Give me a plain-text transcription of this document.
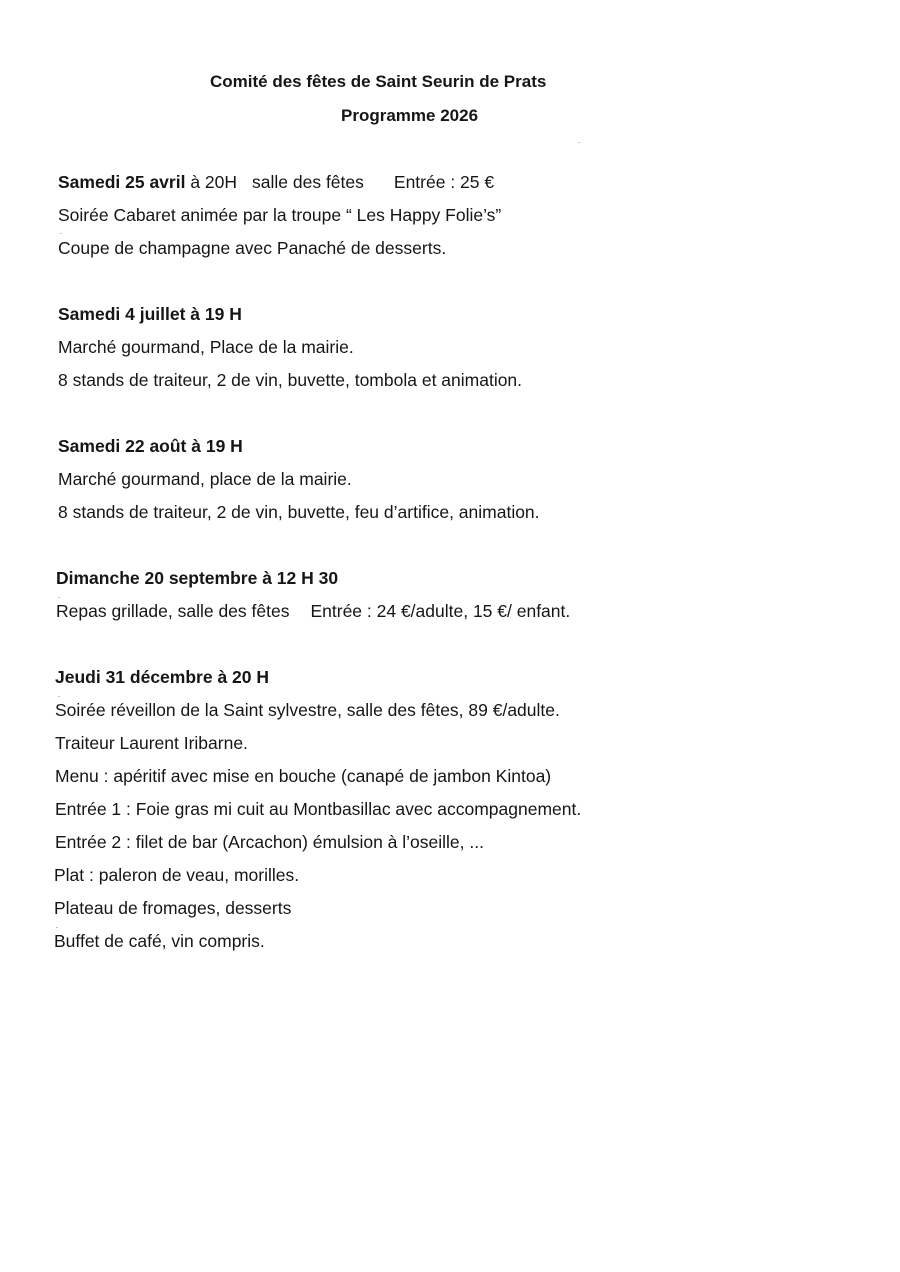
Comité des fêtes de Saint Seurin de Prats
Programme 2026
Samedi 25 avril à 20H salle des fêtes Entrée : 25 €
Soirée Cabaret animée par la troupe “ Les Happy Folie’s”
Coupe de champagne avec Panaché de desserts.
Samedi 4 juillet à 19 H
Marché gourmand, Place de la mairie.
8 stands de traiteur, 2 de vin, buvette, tombola et animation.
Samedi 22 août à 19 H
Marché gourmand, place de la mairie.
8 stands de traiteur, 2 de vin, buvette, feu d’artifice, animation.
Dimanche 20 septembre à 12 H 30
Repas grillade, salle des fêtes Entrée : 24 €/adulte, 15 €/ enfant.
Jeudi 31 décembre à 20 H
Soirée réveillon de la Saint sylvestre, salle des fêtes, 89 €/adulte.
Traiteur Laurent Iribarne.
Menu : apéritif avec mise en bouche (canapé de jambon Kintoa)
Entrée 1 : Foie gras mi cuit au Montbasillac avec accompagnement.
Entrée 2 : filet de bar (Arcachon) émulsion à l’oseille, ...
Plat : paleron de veau, morilles.
Plateau de fromages, desserts
Buffet de café, vin compris.
